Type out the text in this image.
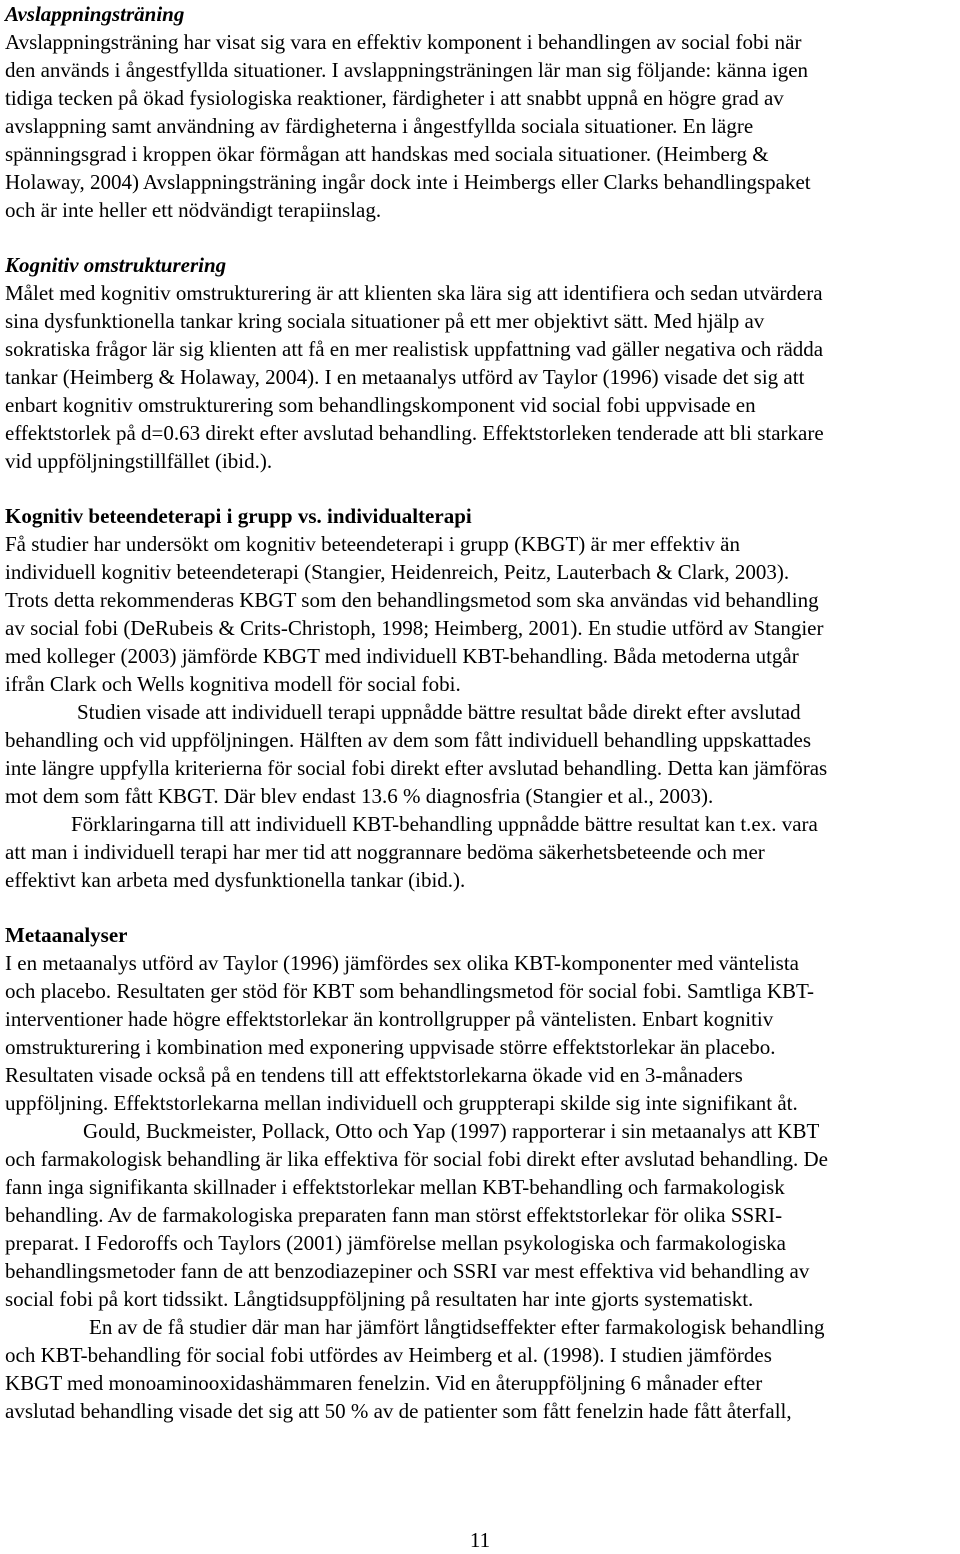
Avslappningsträning
Avslappningsträning har visat sig vara en effektiv komponent i behandlingen av social fobi när
den används i ångestfyllda situationer. I avslappningsträningen lär man sig följande: känna igen
tidiga tecken på ökad fysiologiska reaktioner, färdigheter i att snabbt uppnå en högre grad av
avslappning samt användning av färdigheterna i ångestfyllda sociala situationer. En lägre
spänningsgrad i kroppen ökar förmågan att handskas med sociala situationer. (Heimberg &
Holaway, 2004) Avslappningsträning ingår dock inte i Heimbergs eller Clarks behandlingspaket
och är inte heller ett nödvändigt terapiinslag.
Kognitiv omstrukturering
Målet med kognitiv omstrukturering är att klienten ska lära sig att identifiera och sedan utvärdera
sina dysfunktionella tankar kring sociala situationer på ett mer objektivt sätt. Med hjälp av
sokratiska frågor lär sig klienten att få en mer realistisk uppfattning vad gäller negativa och rädda
tankar (Heimberg & Holaway, 2004). I en metaanalys utförd av Taylor (1996) visade det sig att
enbart kognitiv omstrukturering som behandlingskomponent vid social fobi uppvisade en
effektstorlek på d=0.63 direkt efter avslutad behandling. Effektstorleken tenderade att bli starkare
vid uppföljningstillfället (ibid.).
Kognitiv beteendeterapi i grupp vs. individualterapi
Få studier har undersökt om kognitiv beteendeterapi i grupp (KBGT) är mer effektiv än
individuell kognitiv beteendeterapi (Stangier, Heidenreich, Peitz, Lauterbach & Clark, 2003).
Trots detta rekommenderas KBGT som den behandlingsmetod som ska användas vid behandling
av social fobi (DeRubeis & Crits-Christoph, 1998; Heimberg, 2001). En studie utförd av Stangier
med kolleger (2003) jämförde KBGT med individuell KBT-behandling. Båda metoderna utgår
ifrån Clark och Wells kognitiva modell för social fobi.
Studien visade att individuell terapi uppnådde bättre resultat både direkt efter avslutad
behandling och vid uppföljningen. Hälften av dem som fått individuell behandling uppskattades
inte längre uppfylla kriterierna för social fobi direkt efter avslutad behandling. Detta kan jämföras
mot dem som fått KBGT. Där blev endast 13.6 % diagnosfria (Stangier et al., 2003).
Förklaringarna till att individuell KBT-behandling uppnådde bättre resultat kan t.ex. vara
att man i individuell terapi har mer tid att noggrannare bedöma säkerhetsbeteende och mer
effektivt kan arbeta med dysfunktionella tankar (ibid.).
Metaanalyser
I en metaanalys utförd av Taylor (1996) jämfördes sex olika KBT-komponenter med väntelista
och placebo. Resultaten ger stöd för KBT som behandlingsmetod för social fobi. Samtliga KBT-
interventioner hade högre effektstorlekar än kontrollgrupper på väntelisten. Enbart kognitiv
omstrukturering i kombination med exponering uppvisade större effektstorlekar än placebo.
Resultaten visade också på en tendens till att effektstorlekarna ökade vid en 3-månaders
uppföljning. Effektstorlekarna mellan individuell och gruppterapi skilde sig inte signifikant åt.
Gould, Buckmeister, Pollack, Otto och Yap (1997) rapporterar i sin metaanalys att KBT
och farmakologisk behandling är lika effektiva för social fobi direkt efter avslutad behandling. De
fann inga signifikanta skillnader i effektstorlekar mellan KBT-behandling och farmakologisk
behandling. Av de farmakologiska preparaten fann man störst effektstorlekar för olika SSRI-
preparat. I Fedoroffs och Taylors (2001) jämförelse mellan psykologiska och farmakologiska
behandlingsmetoder fann de att benzodiazepiner och SSRI var mest effektiva vid behandling av
social fobi på kort tidssikt. Långtidsuppföljning på resultaten har inte gjorts systematiskt.
En av de få studier där man har jämfört långtidseffekter efter farmakologisk behandling
och KBT-behandling för social fobi utfördes av Heimberg et al. (1998). I studien jämfördes
KBGT med monoaminooxidashämmaren fenelzin. Vid en återuppföljning 6 månader efter
avslutad behandling visade det sig att 50 % av de patienter som fått fenelzin hade fått återfall,
11
